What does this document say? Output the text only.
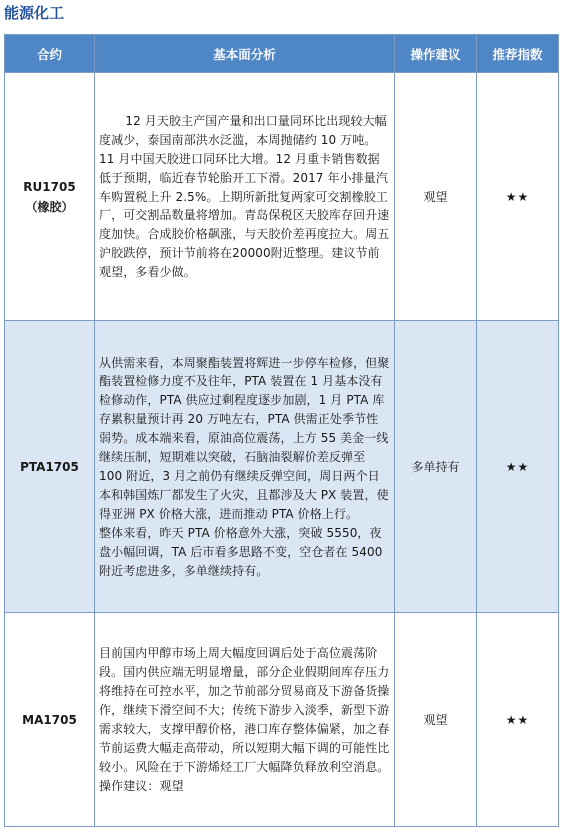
能源化工
合约	基本面分析	操作建议	推荐指数

RU1705
（橡胶）	12 月天胶主产国产量和出口量同环比出现较大幅度减少，泰国南部洪水泛滥，本周抛储约 10 万吨。11 月中国天胶进口同环比大增。12 月重卡销售数据低于预期，临近春节轮胎开工下滑。2017 年小排量汽车购置税上升 2.5%。上期所新批复两家可交割橡胶工厂，可交割品数量将增加。青岛保税区天胶库存回升速度加快。合成胶价格飙涨，与天胶价差再度拉大。周五沪胶跌停，预计节前将在20000附近整理。建议节前观望，多看少做。	观望	★★

PTA1705	从供需来看，本周聚酯装置将辉进一步停车检修，但聚酯装置检修力度不及往年，PTA 装置在 1 月基本没有检修动作，PTA 供应过剩程度逐步加剧，1 月 PTA 库存累积量预计再 20 万吨左右，PTA 供需正处季节性弱势。成本端来看，原油高位震荡，上方 55 美金一线继续压制，短期难以突破，石脑油裂解价差反弹至 100 附近，3 月之前仍有继续反弹空间，周日两个日本和韩国炼厂都发生了火灾，且都涉及大 PX 装置，使得亚洲 PX 价格大涨，进而推动 PTA 价格上行。

整体来看，昨天 PTA 价格意外大涨，突破 5550，夜盘小幅回调，TA 后市看多思路不变，空仓者在 5400 附近考虑进多，多单继续持有。	多单持有	★★

MA1705	目前国内甲醇市场上周大幅度回调后处于高位震荡阶段。国内供应端无明显增量，部分企业假期间库存压力将维持在可控水平，加之节前部分贸易商及下游备货操作，继续下滑空间不大；传统下游步入淡季，新型下游需求较大，支撑甲醇价格，港口库存整体偏紧，加之春节前运费大幅走高带动，所以短期大幅下调的可能性比较小。风险在于下游烯烃工厂大幅降负释放利空消息。

操作建议：观望	观望	★★
